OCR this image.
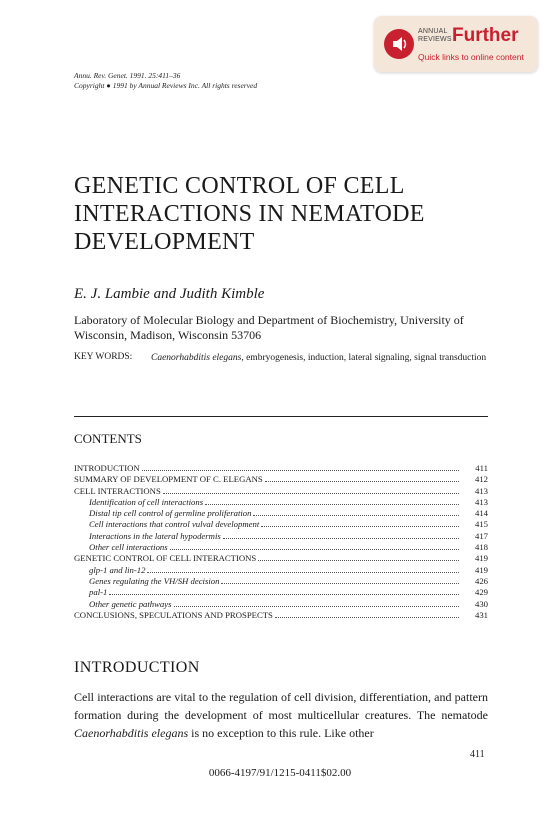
ANNUAL
REVIEWS Further
Quick links to online content
Annu. Rev. Genet. 1991. 25:411–36
Copyright ● 1991 by Annual Reviews Inc. All rights reserved
GENETIC CONTROL OF CELL INTERACTIONS IN NEMATODE DEVELOPMENT
E. J. Lambie and Judith Kimble
Laboratory of Molecular Biology and Department of Biochemistry, University of Wisconsin, Madison, Wisconsin 53706
KEY WORDS: Caenorhabditis elegans, embryogenesis, induction, lateral signaling, signal transduction
CONTENTS
INTRODUCTION	411
SUMMARY OF DEVELOPMENT OF C. ELEGANS	412
CELL INTERACTIONS	413
Identification of cell interactions	413
Distal tip cell control of germline proliferation	414
Cell interactions that control vulval development	415
Interactions in the lateral hypodermis	417
Other cell interactions	418
GENETIC CONTROL OF CELL INTERACTIONS	419
glp-1 and lin-12	419
Genes regulating the VH/SH decision	426
pal-1	429
Other genetic pathways	430
CONCLUSIONS, SPECULATIONS AND PROSPECTS	431
INTRODUCTION
Cell interactions are vital to the regulation of cell division, differentiation, and pattern formation during the development of most multicellular creatures. The nematode Caenorhabditis elegans is no exception to this rule. Like other
411
0066-4197/91/1215-0411$02.00
